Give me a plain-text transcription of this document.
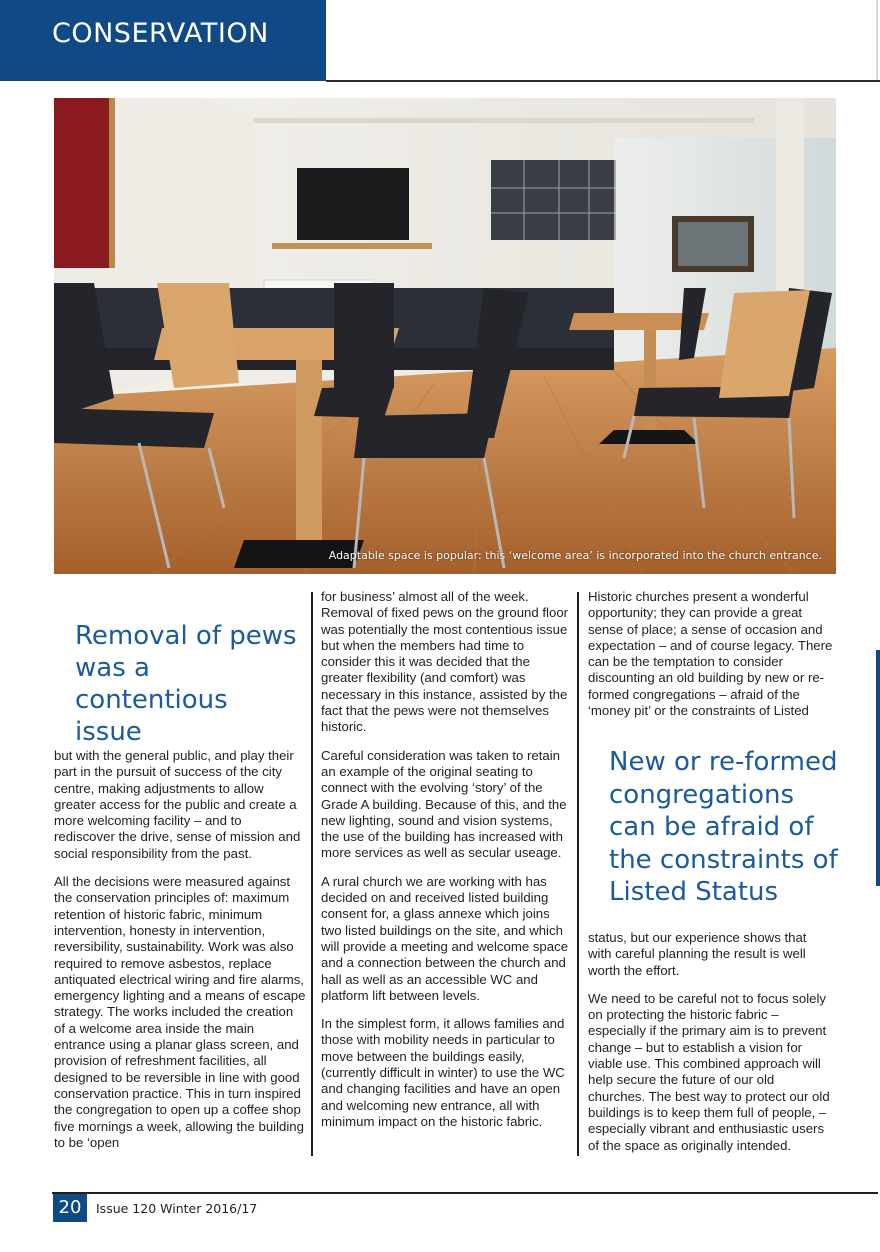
CONSERVATION
Adaptable space is popular: this ‘welcome area’ is incorporated into the church entrance.
Removal of pews was a contentious issue

but with the general public, and play their part in the pursuit of success of the city centre, making adjustments to allow greater access for the public and create a more welcoming facility – and to rediscover the drive, sense of mission and social responsibility from the past.

All the decisions were measured against the conservation principles of: maximum retention of historic fabric, minimum intervention, honesty in intervention, reversibility, sustainability. Work was also required to remove asbestos, replace antiquated electrical wiring and fire alarms, emergency lighting and a means of escape strategy. The works included the creation of a welcome area inside the main entrance using a planar glass screen, and provision of refreshment facilities, all designed to be reversible in line with good conservation practice. This in turn inspired the congregation to open up a coffee shop five mornings a week, allowing the building to be ‘open

for business’ almost all of the week. Removal of fixed pews on the ground floor was potentially the most contentious issue but when the members had time to consider this it was decided that the greater flexibility (and comfort) was necessary in this instance, assisted by the fact that the pews were not themselves historic.

Careful consideration was taken to retain an example of the original seating to connect with the evolving ‘story’ of the Grade A building. Because of this, and the new lighting, sound and vision systems, the use of the building has increased with more services as well as secular useage.

A rural church we are working with has decided on and received listed building consent for, a glass annexe which joins two listed buildings on the site, and which will provide a meeting and welcome space and a connection between the church and hall as well as an accessible WC and platform lift between levels.

In the simplest form, it allows families and those with mobility needs in particular to move between the buildings easily, (currently difficult in winter) to use the WC and changing facilities and have an open and welcoming new entrance, all with minimum impact on the historic fabric.

Historic churches present a wonderful opportunity; they can provide a great sense of place; a sense of occasion and expectation – and of course legacy. There can be the temptation to consider discounting an old building by new or re-formed congregations – afraid of the ‘money pit’ or the constraints of Listed

New or re-formed congregations can be afraid of the constraints of Listed Status

status, but our experience shows that with careful planning the result is well worth the effort.

We need to be careful not to focus solely on protecting the historic fabric – especially if the primary aim is to prevent change – but to establish a vision for viable use. This combined approach will help secure the future of our old churches. The best way to protect our old buildings is to keep them full of people, – especially vibrant and enthusiastic users of the space as originally intended.

20	Issue 120 Winter 2016/17
